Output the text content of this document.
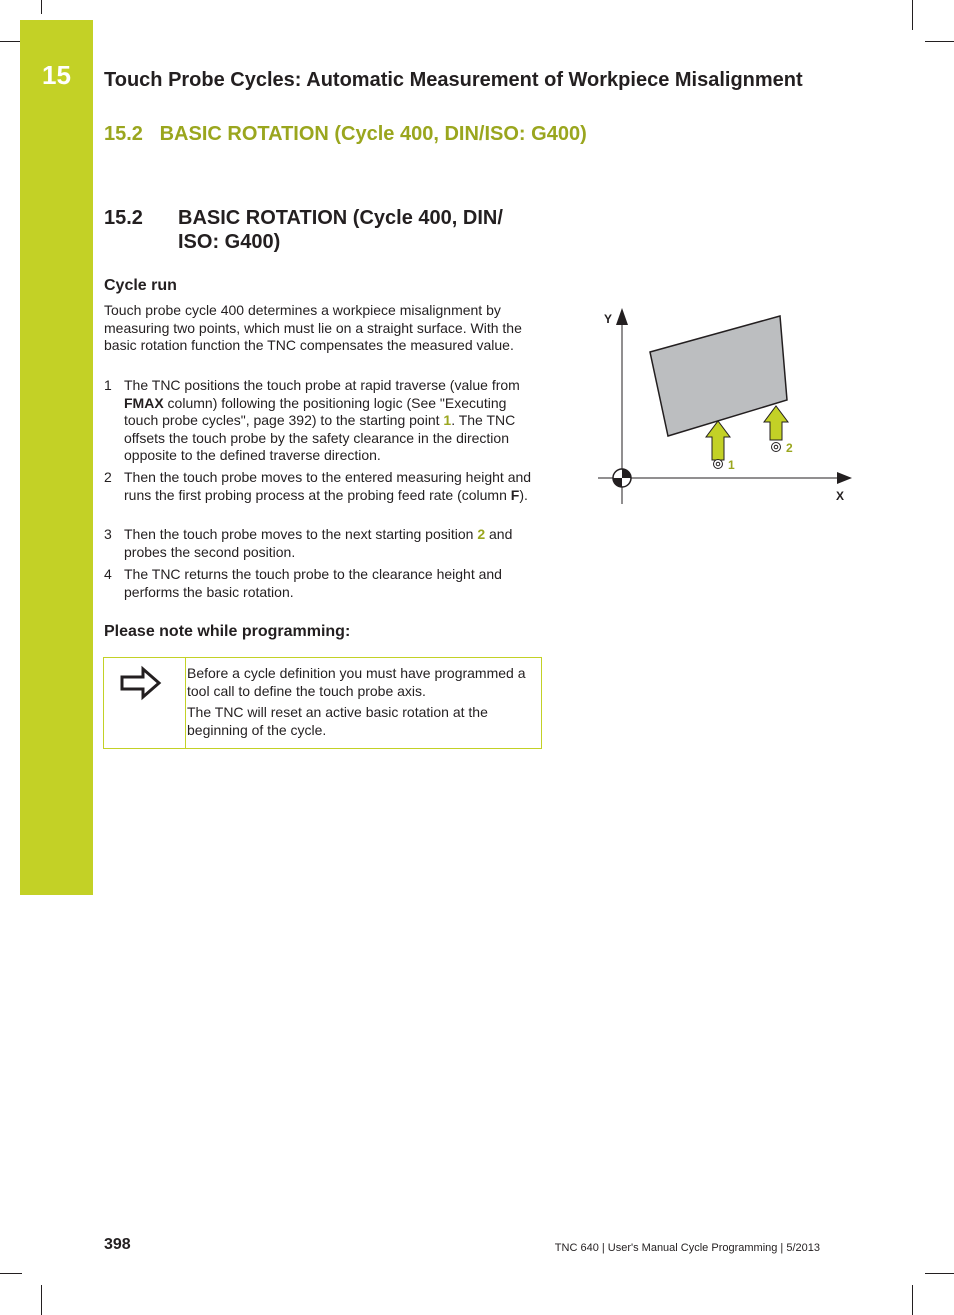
15	Touch Probe Cycles: Automatic Measurement of Workpiece Misalignment
15.2   BASIC ROTATION (Cycle 400, DIN/ISO: G400)
15.2 BASIC ROTATION (Cycle 400, DIN/ ISO: G400)
Cycle run
Touch probe cycle 400 determines a workpiece misalignment by measuring two points, which must lie on a straight surface. With the basic rotation function the TNC compensates the measured value.
1 The TNC positions the touch probe at rapid traverse (value from FMAX column) following the positioning logic (See "Executing touch probe cycles", page 392) to the starting point 1. The TNC offsets the touch probe by the safety clearance in the direction opposite to the defined traverse direction.
2 Then the touch probe moves to the entered measuring height and runs the first probing process at the probing feed rate (column F).
3 Then the touch probe moves to the next starting position 2 and probes the second position.
4 The TNC returns the touch probe to the clearance height and performs the basic rotation.
Please note while programming:
Before a cycle definition you must have programmed a tool call to define the touch probe axis.
The TNC will reset an active basic rotation at the beginning of the cycle.
Y
X
1
2
398	TNC 640 | User's Manual Cycle Programming | 5/2013
